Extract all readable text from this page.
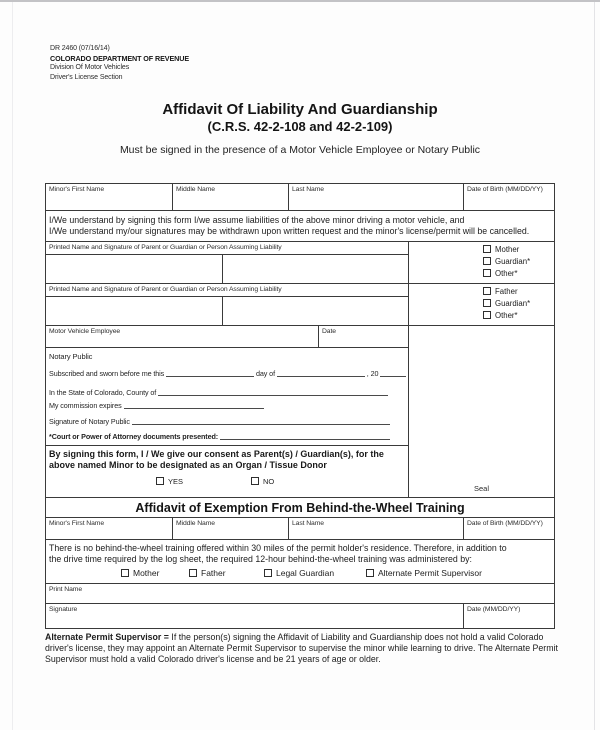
DR 2460 (07/16/14)
COLORADO DEPARTMENT OF REVENUE
Division Of Motor Vehicles
Driver's License Section
Affidavit Of Liability And Guardianship
(C.R.S. 42-2-108 and 42-2-109)
Must be signed in the presence of a Motor Vehicle Employee or Notary Public
Minor's First Name	Middle Name	Last Name	Date of Birth (MM/DD/YY)
I/We understand by signing this form I/we assume liabilities of the above minor driving a motor vehicle, and
I/We understand my/our signatures may be withdrawn upon written request and the minor's license/permit will be cancelled.
Printed Name and Signature of Parent or Guardian or Person Assuming Liability	Mother
Guardian*
Other*
Printed Name and Signature of Parent or Guardian or Person Assuming Liability	Father
Guardian*
Other*
Motor Vehicle Employee	Date
Notary Public
Subscribed and sworn before me this	day of	, 20
In the State of Colorado, County of
My commission expires
Signature of Notary Public
*Court or Power of Attorney documents presented:
By signing this form, I / We give our consent as Parent(s) / Guardian(s), for the
above named Minor to be designated as an Organ / Tissue Donor
YES	NO
Seal
Affidavit of Exemption From Behind-the-Wheel Training
Minor's First Name	Middle Name	Last Name	Date of Birth (MM/DD/YY)
There is no behind-the-wheel training offered within 30 miles of the permit holder's residence. Therefore, in addition to
the drive time required by the log sheet, the required 12-hour behind-the-wheel training was administered by:
Mother	Father	Legal Guardian	Alternate Permit Supervisor
Print Name
Signature	Date (MM/DD/YY)
Alternate Permit Supervisor = If the person(s) signing the Affidavit of Liability and Guardianship does not hold a valid Colorado driver's license, they may appoint an Alternate Permit Supervisor to supervise the minor while learning to drive. The Alternate Permit Supervisor must hold a valid Colorado driver's license and be 21 years of age or older.
